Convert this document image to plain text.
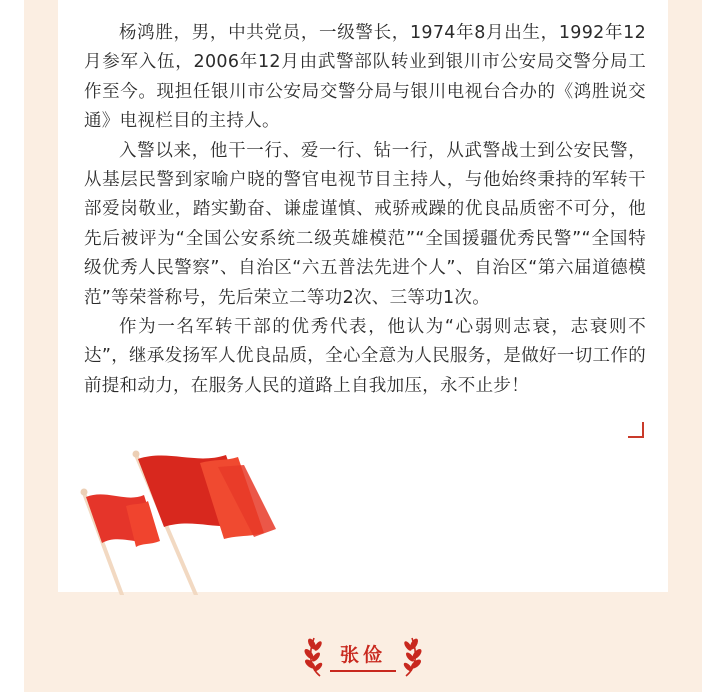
杨鸿胜，男，中共党员，一级警长，1974年8月出生，1992年12月参军入伍，2006年12月由武警部队转业到银川市公安局交警分局工作至今。现担任银川市公安局交警分局与银川电视台合办的《鸿胜说交通》电视栏目的主持人。

入警以来，他干一行、爱一行、钻一行，从武警战士到公安民警，从基层民警到家喻户晓的警官电视节目主持人，与他始终秉持的军转干部爱岗敬业，踏实勤奋、谦虚谨慎、戒骄戒躁的优良品质密不可分，他先后被评为“全国公安系统二级英雄模范”“全国援疆优秀民警”“全国特级优秀人民警察”、自治区“六五普法先进个人”、自治区“第六届道德模范”等荣誉称号，先后荣立二等功2次、三等功1次。

作为一名军转干部的优秀代表，他认为“心弱则志衰，志衰则不达”，继承发扬军人优良品质，全心全意为人民服务，是做好一切工作的前提和动力，在服务人民的道路上自我加压，永不止步！

张俭
